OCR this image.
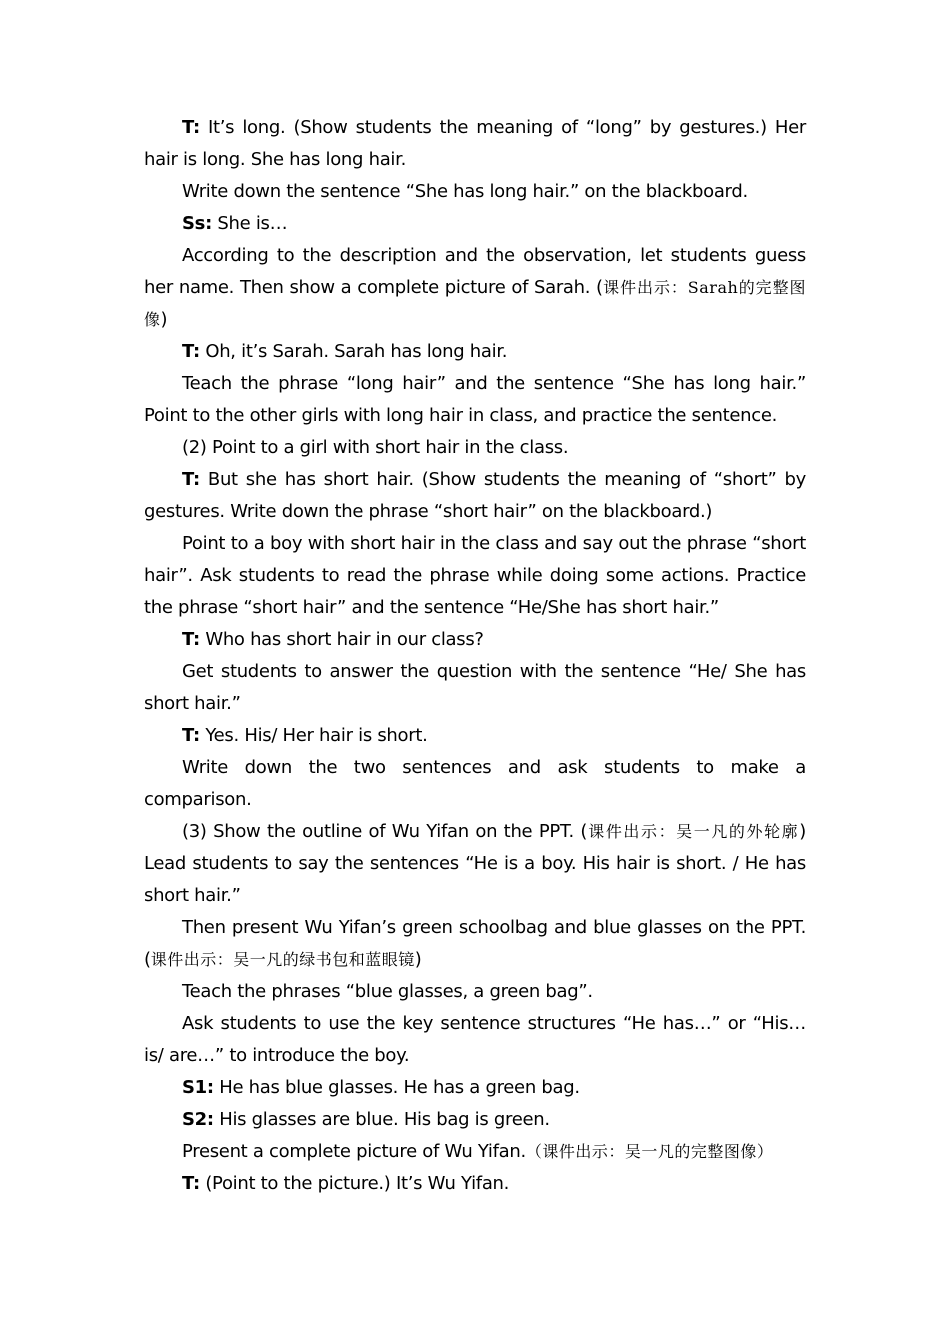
T: It’s long. (Show students the meaning of “long” by gestures.) Her hair is long. She has long hair.

Write down the sentence “She has long hair.” on the blackboard.

Ss: She is…

According to the description and the observation, let students guess her name. Then show a complete picture of Sarah. (课件出示：Sarah的完整图像)

T: Oh, it’s Sarah. Sarah has long hair.

Teach the phrase “long hair” and the sentence “She has long hair.” Point to the other girls with long hair in class, and practice the sentence.

(2) Point to a girl with short hair in the class.

T: But she has short hair. (Show students the meaning of “short” by gestures. Write down the phrase “short hair” on the blackboard.)

Point to a boy with short hair in the class and say out the phrase “short hair”. Ask students to read the phrase while doing some actions. Practice the phrase “short hair” and the sentence “He/She has short hair.”

T: Who has short hair in our class?

Get students to answer the question with the sentence “He/ She has short hair.”

T: Yes. His/ Her hair is short.

Write down the two sentences and ask students to make a comparison.

(3) Show the outline of Wu Yifan on the PPT. (课件出示：吴一凡的外轮廓) Lead students to say the sentences “He is a boy. His hair is short. / He has short hair.”

Then present Wu Yifan’s green schoolbag and blue glasses on the PPT. (课件出示：吴一凡的绿书包和蓝眼镜)

Teach the phrases “blue glasses, a green bag”.

Ask students to use the key sentence structures “He has…” or “His… is/ are…” to introduce the boy.

S1: He has blue glasses. He has a green bag.

S2: His glasses are blue. His bag is green.

Present a complete picture of Wu Yifan.（课件出示：吴一凡的完整图像）

T: (Point to the picture.) It’s Wu Yifan.
